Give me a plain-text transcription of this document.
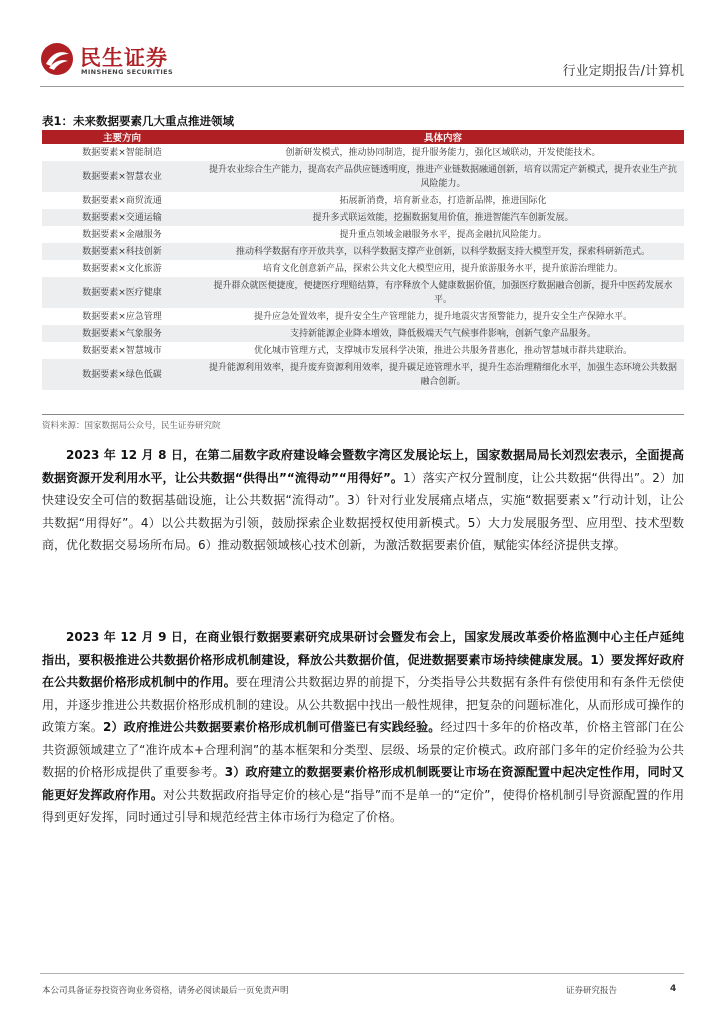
民生证券
MINSHENG SECURITIES	行业定期报告/计算机
表1：未来数据要素几大重点推进领域
主要方向	具体内容
数据要素×智能制造	创新研发模式，推动协同制造，提升服务能力，强化区域联动，开发使能技术。
数据要素×智慧农业	提升农业综合生产能力，提高农产品供应链透明度，推进产业链数据融通创新，培育以需定产新模式，提升农业生产抗风险能力。
数据要素×商贸流通	拓展新消费，培育新业态，打造新品牌，推进国际化
数据要素×交通运输	提升多式联运效能，挖掘数据复用价值，推进智能汽车创新发展。
数据要素×金融服务	提升重点领域金融服务水平，提高金融抗风险能力。
数据要素×科技创新	推动科学数据有序开放共享，以科学数据支撑产业创新，以科学数据支持大模型开发，探索科研新范式。
数据要素×文化旅游	培育文化创意新产品，探索公共文化大模型应用，提升旅游服务水平，提升旅游治理能力。
数据要素×医疗健康	提升群众就医便捷度，便捷医疗理赔结算，有序释放个人健康数据价值，加强医疗数据融合创新，提升中医药发展水平。
数据要素×应急管理	提升应急处置效率，提升安全生产管理能力，提升地震灾害预警能力，提升安全生产保障水平。
数据要素×气象服务	支持新能源企业降本增效，降低极端天气气候事件影响，创新气象产品服务。
数据要素×智慧城市	优化城市管理方式，支撑城市发展科学决策，推进公共服务普惠化，推动智慧城市群共建联治。
数据要素×绿色低碳	提升能源利用效率，提升废弃资源利用效率，提升碳足迹管理水平，提升生态治理精细化水平，加强生态环境公共数据融合创新。
资料来源：国家数据局公众号，民生证券研究院
2023 年 12 月 8 日，在第二届数字政府建设峰会暨数字湾区发展论坛上，国家数据局局长刘烈宏表示，全面提高数据资源开发利用水平，让公共数据“供得出”“流得动”“用得好”。1）落实产权分置制度，让公共数据“供得出”。2）加快建设安全可信的数据基础设施，让公共数据“流得动”。3）针对行业发展痛点堵点，实施“数据要素ｘ”行动计划，让公共数据“用得好”。4）以公共数据为引领，鼓励探索企业数据授权使用新模式。5）大力发展服务型、应用型、技术型数商，优化数据交易场所布局。6）推动数据领域核心技术创新，为激活数据要素价值，赋能实体经济提供支撑。
2023 年 12 月 9 日，在商业银行数据要素研究成果研讨会暨发布会上，国家发展改革委价格监测中心主任卢延纯指出，要积极推进公共数据价格形成机制建设，释放公共数据价值，促进数据要素市场持续健康发展。1）要发挥好政府在公共数据价格形成机制中的作用。要在理清公共数据边界的前提下，分类指导公共数据有条件有偿使用和有条件无偿使用，并逐步推进公共数据价格形成机制的建设。从公共数据中找出一般性规律，把复杂的问题标准化，从而形成可操作的政策方案。2）政府推进公共数据要素价格形成机制可借鉴已有实践经验。经过四十多年的价格改革，价格主管部门在公共资源领域建立了“准许成本+合理利润”的基本框架和分类型、层级、场景的定价模式。政府部门多年的定价经验为公共数据的价格形成提供了重要参考。3）政府建立的数据要素价格形成机制既要让市场在资源配置中起决定性作用，同时又能更好发挥政府作用。对公共数据政府指导定价的核心是“指导”而不是单一的“定价”，使得价格机制引导资源配置的作用得到更好发挥，同时通过引导和规范经营主体市场行为稳定了价格。
本公司具备证券投资咨询业务资格，请务必阅读最后一页免责声明	证券研究报告	4
